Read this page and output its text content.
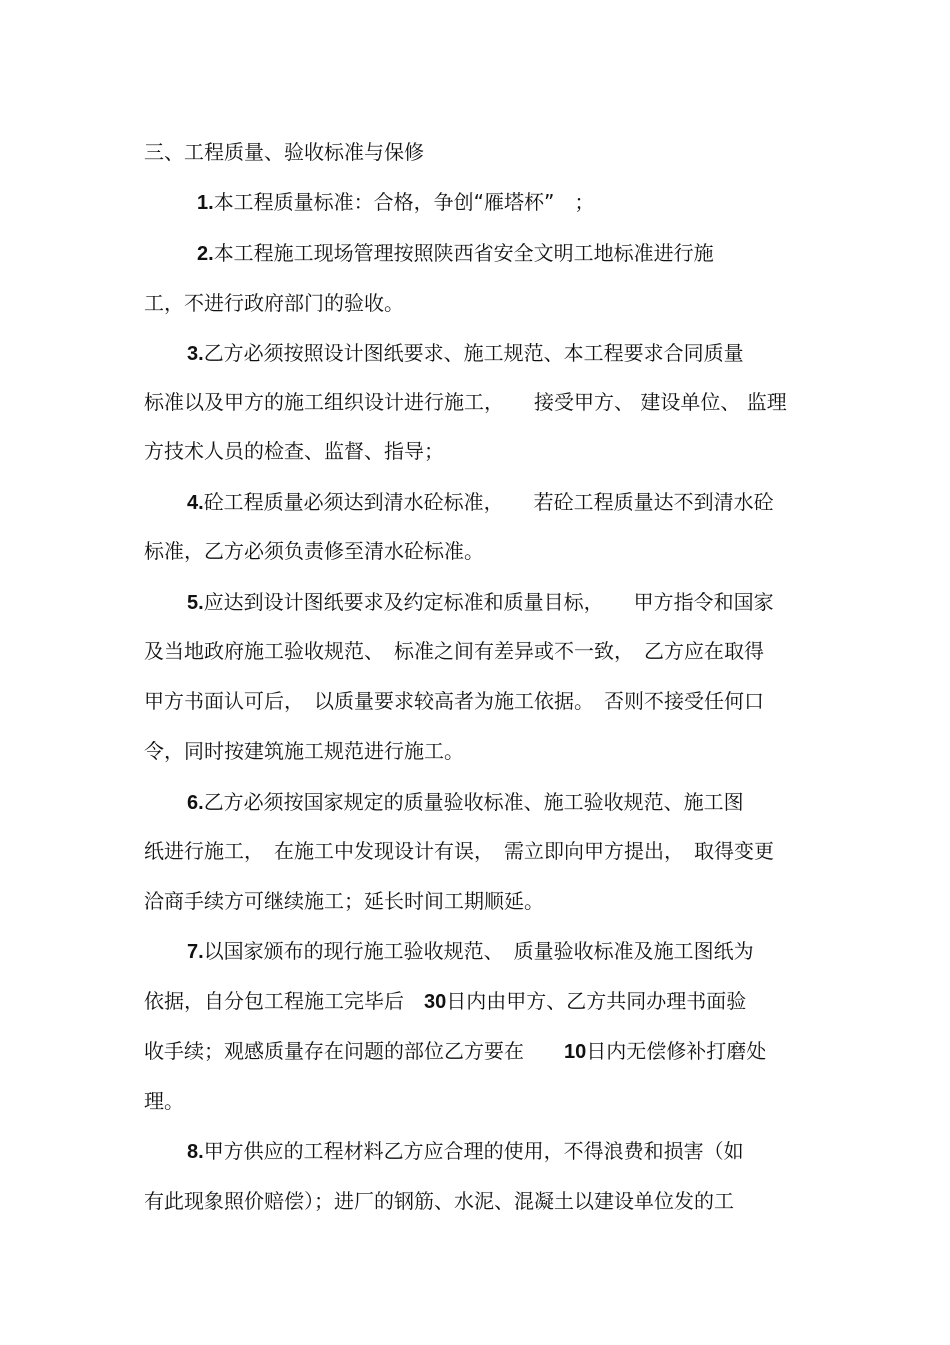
三、工程质量、验收标准与保修
1.本工程质量标准：合格，争创“雁塔杯”　；
2.本工程施工现场管理按照陕西省安全文明工地标准进行施
工，不进行政府部门的验收。
3.乙方必须按照设计图纸要求、施工规范、本工程要求合同质量
标准以及甲方的施工组织设计进行施工，　　接受甲方、 建设单位、 监理
方技术人员的检查、监督、指导；
4.砼工程质量必须达到清水砼标准，　　若砼工程质量达不到清水砼
标准，乙方必须负责修至清水砼标准。
5.应达到设计图纸要求及约定标准和质量目标，　　甲方指令和国家
及当地政府施工验收规范、　标准之间有差异或不一致，　乙方应在取得
甲方书面认可后，　以质量要求较高者为施工依据。　否则不接受任何口
令，同时按建筑施工规范进行施工。
6.乙方必须按国家规定的质量验收标准、施工验收规范、施工图
纸进行施工，　在施工中发现设计有误，　需立即向甲方提出，　取得变更
洽商手续方可继续施工；延长时间工期顺延。
7.以国家颁布的现行施工验收规范、　质量验收标准及施工图纸为
依据，自分包工程施工完毕后　30日内由甲方、乙方共同办理书面验
收手续；观感质量存在问题的部位乙方要在　　10日内无偿修补打磨处
理。
8.甲方供应的工程材料乙方应合理的使用，不得浪费和损害（如
有此现象照价赔偿）；进厂的钢筋、水泥、混凝土以建设单位发的工
